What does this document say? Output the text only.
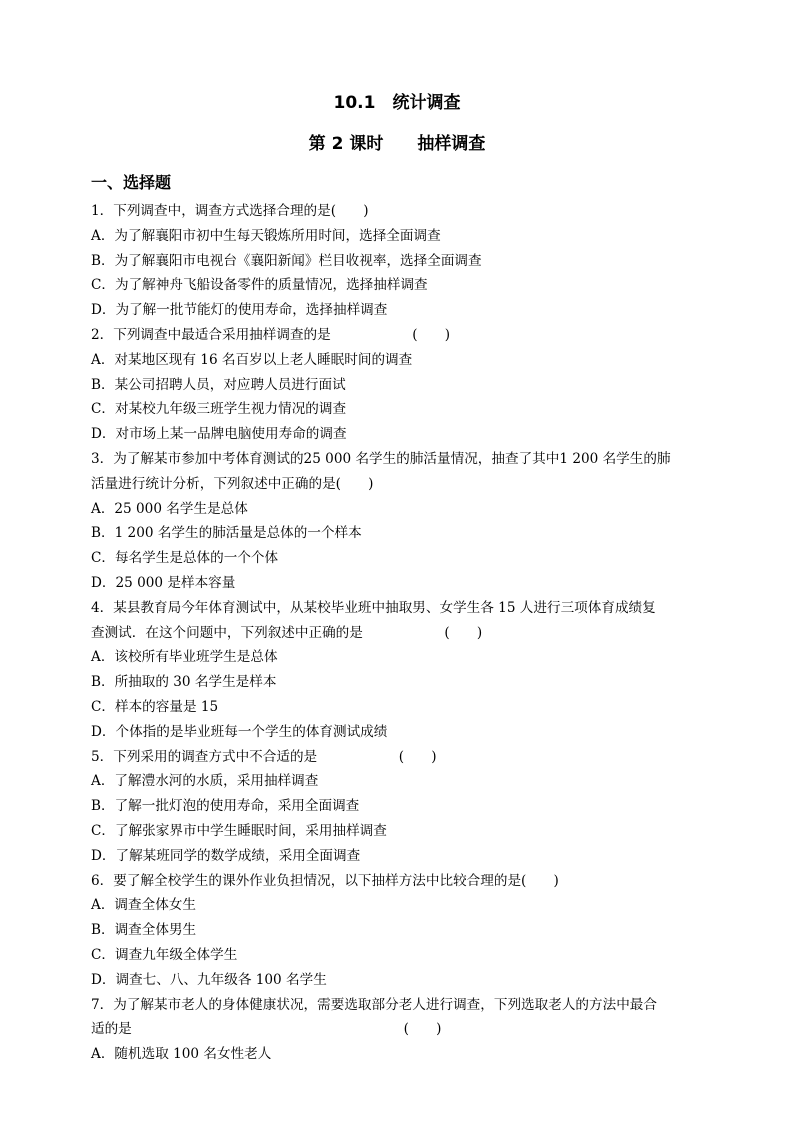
10.1　统计调查
第 2 课时　　抽样调查
一、选择题
1．下列调查中，调查方式选择合理的是(　　)
A．为了解襄阳市初中生每天锻炼所用时间，选择全面调查
B．为了解襄阳市电视台《襄阳新闻》栏目收视率，选择全面调查
C．为了解神舟飞船设备零件的质量情况，选择抽样调查
D．为了解一批节能灯的使用寿命，选择抽样调查
2．下列调查中最适合采用抽样调查的是　　　　　　(　　)
A．对某地区现有 16 名百岁以上老人睡眠时间的调查
B．某公司招聘人员，对应聘人员进行面试
C．对某校九年级三班学生视力情况的调查
D．对市场上某一品牌电脑使用寿命的调查
3．为了解某市参加中考体育测试的25 000 名学生的肺活量情况，抽查了其中1 200 名学生的肺
活量进行统计分析，下列叙述中正确的是(　　)
A．25 000 名学生是总体
B．1 200 名学生的肺活量是总体的一个样本
C．每名学生是总体的一个个体
D．25 000 是样本容量
4．某县教育局今年体育测试中，从某校毕业班中抽取男、女学生各 15 人进行三项体育成绩复
查测试．在这个问题中，下列叙述中正确的是　　　　　　(　　)
A．该校所有毕业班学生是总体
B．所抽取的 30 名学生是样本
C．样本的容量是 15
D．个体指的是毕业班每一个学生的体育测试成绩
5．下列采用的调查方式中不合适的是　　　　　　(　　)
A．了解澧水河的水质，采用抽样调查
B．了解一批灯泡的使用寿命，采用全面调查
C．了解张家界市中学生睡眠时间，采用抽样调查
D．了解某班同学的数学成绩，采用全面调查
6．要了解全校学生的课外作业负担情况，以下抽样方法中比较合理的是(　　)
A．调查全体女生
B．调查全体男生
C．调查九年级全体学生
D．调查七、八、九年级各 100 名学生
7．为了解某市老人的身体健康状况，需要选取部分老人进行调查，下列选取老人的方法中最合
适的是　　　　　　　　　　　　　　　　　　　　(　　)
A．随机选取 100 名女性老人
